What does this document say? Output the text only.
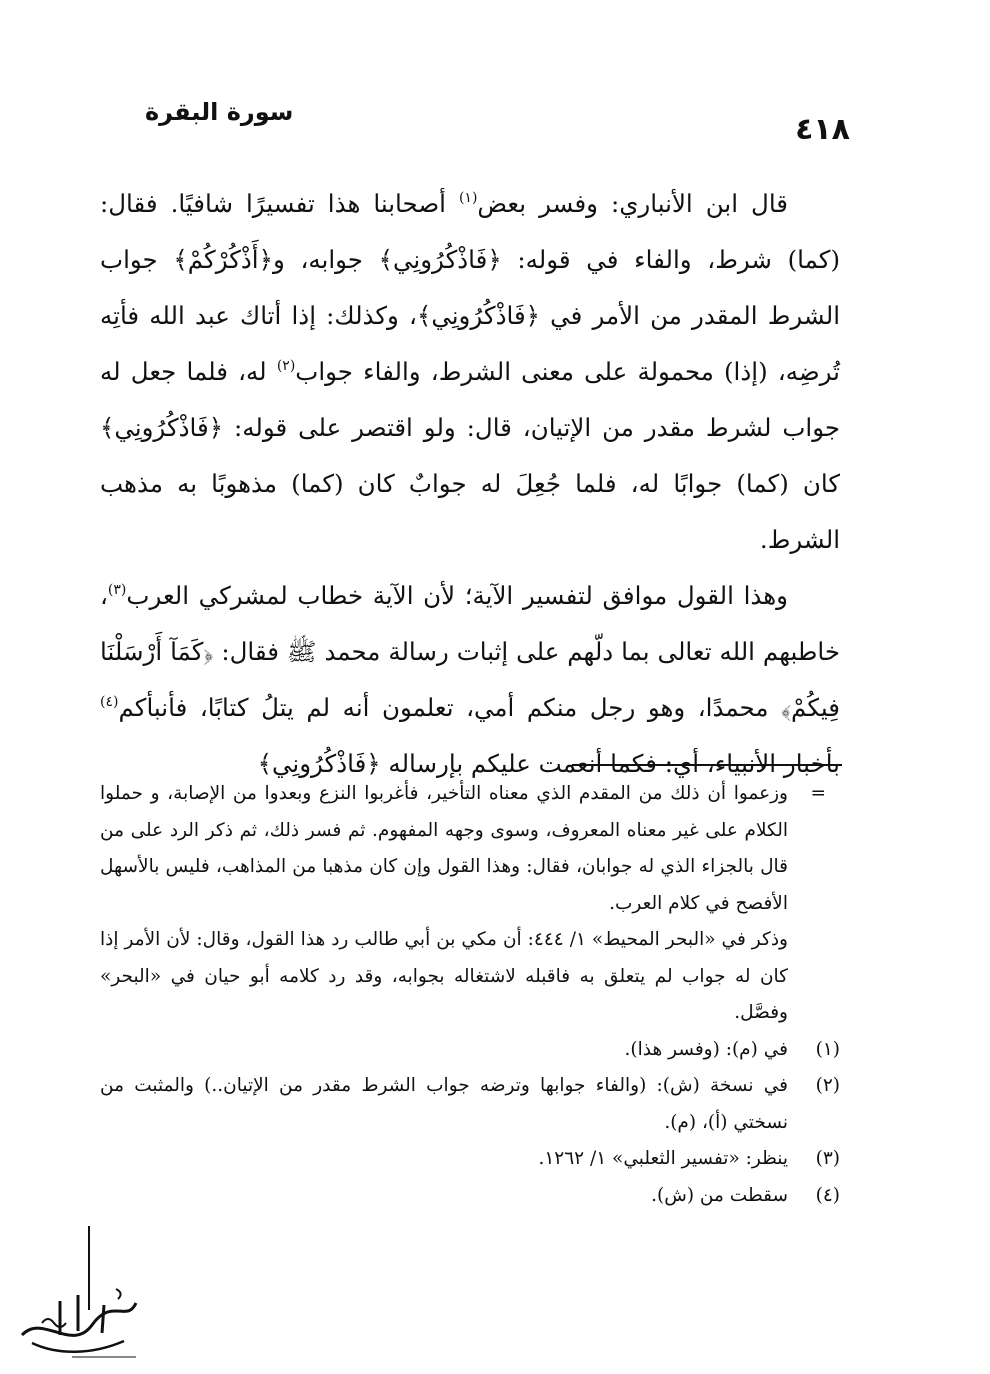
٤١٨
سورة البقرة

قال ابن الأنباري: وفسر بعض$^{(١)}$ أصحابنا هذا تفسيرًا شافيًا. فقال: (كما) شرط، والفاء في قوله: ﴿فَاذْكُرُونِي﴾ جوابه، و﴿أَذْكُرْكُمْ﴾ جواب الشرط المقدر من الأمر في ﴿فَاذْكُرُونِي﴾، وكذلك: إذا أتاك عبد الله فأتِه تُرضِه، (إذا) محمولة على معنى الشرط، والفاء جواب$^{(٢)}$ له، فلما جعل له جواب لشرط مقدر من الإتيان، قال: ولو اقتصر على قوله: ﴿فَاذْكُرُونِي﴾ كان (كما) جوابًا له، فلما جُعِلَ له جوابٌ كان (كما) مذهوبًا به مذهب الشرط.

وهذا القول موافق لتفسير الآية؛ لأن الآية خطاب لمشركي العرب$^{(٣)}$، خاطبهم الله تعالى بما دلّهم على إثبات رسالة محمد ﷺ فقال: ﴿كَمَآ أَرْسَلْنَا فِيكُمْ﴾ محمدًا، وهو رجل منكم أمي، تعلمون أنه لم يتلُ كتابًا، فأنبأكم$^{(٤)}$ بأخبار الأنبياء، أي: فكما أنعمت عليكم بإرساله ﴿فَاذْكُرُونِي﴾

=

وزعموا أن ذلك من المقدم الذي معناه التأخير، فأغربوا النزع وبعدوا من الإصابة، و حملوا الكلام على غير معناه المعروف، وسوى وجهه المفهوم. ثم فسر ذلك، ثم ذكر الرد على من قال بالجزاء الذي له جوابان، فقال: وهذا القول وإن كان مذهبا من المذاهب، فليس بالأسهل الأفصح في كلام العرب.

وذكر في «البحر المحيط» ١/ ٤٤٤: أن مكي بن أبي طالب رد هذا القول، وقال: لأن الأمر إذا كان له جواب لم يتعلق به فاقبله لاشتغاله بجوابه، وقد رد كلامه أبو حيان في «البحر» وفصَّل.

(١)
في (م): (وفسر هذا).
(٢)
في نسخة (ش): (والفاء جوابها وترضه جواب الشرط مقدر من الإتيان..) والمثبت من نسختي (أ)، (م).
(٣)
ينظر: «تفسير الثعلبي» ١/ ١٢٦٢.
(٤)
سقطت من (ش).
